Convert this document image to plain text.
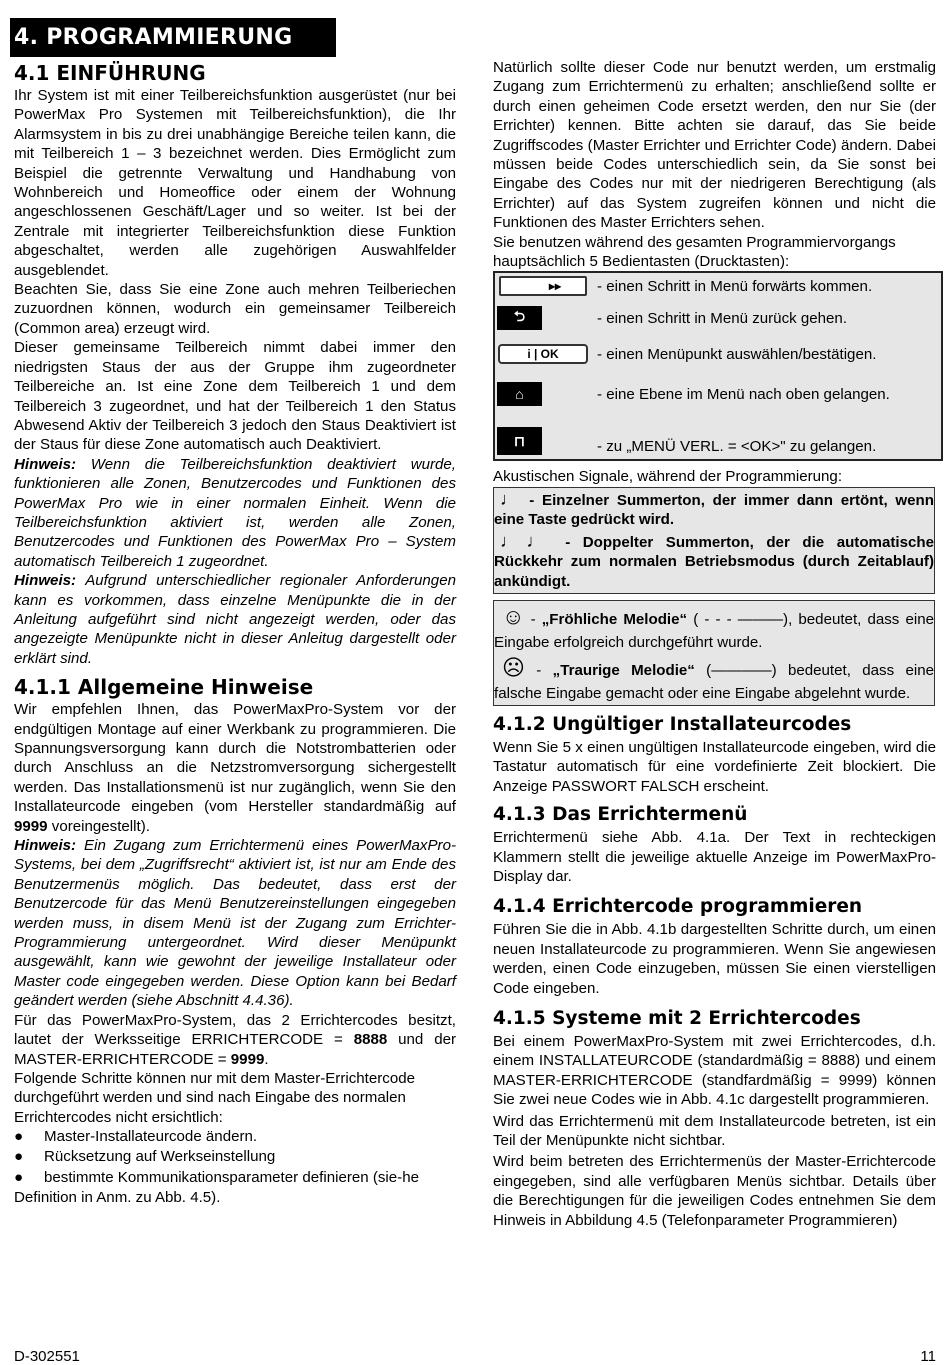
4. PROGRAMMIERUNG
4.1 EINFÜHRUNG

Ihr System ist mit einer Teilbereichsfunktion ausgerüstet (nur bei PowerMax Pro Systemen mit Teilbereichsfunktion), die Ihr Alarmsystem in bis zu drei unabhängige Bereiche teilen kann, die mit Teilbereich 1 – 3 bezeichnet werden. Dies Ermöglicht zum Beispiel die getrennte Verwaltung und Handhabung von Wohnbereich und Homeoffice oder einem der Wohnung angeschlossenen Geschäft/Lager und so weiter. Ist bei der Zentrale mit integrierter Teilbereichsfunktion diese Funktion abgeschaltet, werden alle zugehörigen Auswahlfelder ausgeblendet.

Beachten Sie, dass Sie eine Zone auch mehren Teilberiechen zuzuordnen können, wodurch ein gemeinsamer Teilbereich (Common area) erzeugt wird.

Dieser gemeinsame Teilbereich nimmt dabei immer den niedrigsten Staus der aus der Gruppe ihm zugeordneter Teilbereiche an. Ist eine Zone dem Teilbereich 1 und dem Teilbereich 3 zugeordnet, und hat der Teilbereich 1 den Status Abwesend Aktiv der Teilbereich 3 jedoch den Staus Deaktiviert ist der Staus für diese Zone automatisch auch Deaktiviert.

Hinweis: Wenn die Teilbereichsfunktion deaktiviert wurde, funktionieren alle Zonen, Benutzercodes und Funktionen des PowerMax Pro wie in einer normalen Einheit. Wenn die Teilbereichsfunktion aktiviert ist, werden alle Zonen, Benutzercodes und Funktionen des PowerMax Pro – System automatisch Teilbereich 1 zugeordnet.

Hinweis: Aufgrund unterschiedlicher regionaler Anforderungen kann es vorkommen, dass einzelne Menüpunkte die in der Anleitung aufgeführt sind nicht angezeigt werden, oder das angezeigte Menüpunkte nicht in dieser Anleitug dargestellt oder erklärt sind.

4.1.1 Allgemeine Hinweise

Wir empfehlen Ihnen, das PowerMaxPro-System vor der endgültigen Montage auf einer Werkbank zu programmieren. Die Spannungsversorgung kann durch die Notstrombatterien oder durch Anschluss an die Netzstromversorgung sichergestellt werden. Das Installationsmenü ist nur zugänglich, wenn Sie den Installateurcode eingeben (vom Hersteller standardmäßig auf 9999 voreingestellt).

Hinweis: Ein Zugang zum Errichtermenü eines PowerMaxPro-Systems, bei dem „Zugriffsrecht“ aktiviert ist, ist nur am Ende des Benutzermenüs möglich. Das bedeutet, dass erst der Benutzercode für das Menü Benutzereinstellungen eingegeben werden muss, in disem Menü ist der Zugang zum Errichter-Programmierung untergeordnet. Wird dieser Menüpunkt ausgewählt, kann wie gewohnt der jeweilige Installateur oder Master code eingegeben werden. Diese Option kann bei Bedarf geändert werden (siehe Abschnitt 4.4.36).

Für das PowerMaxPro-System, das 2 Errichtercodes besitzt, lautet der Werksseitige ERRICHTERCODE = 8888 und der MASTER-ERRICHTERCODE = 9999.

Folgende Schritte können nur mit dem Master-Errichtercode durchgeführt werden und sind nach Eingabe des normalen Errichtercodes nicht ersichtlich:

● Master-Installateurcode ändern.
● Rücksetzung auf Werkseinstellung
● bestimmte Kommunikationsparameter definieren (sie-he Definition in Anm. zu Abb. 4.5).

Natürlich sollte dieser Code nur benutzt werden, um erstmalig Zugang zum Errichtermenü zu erhalten; anschließend sollte er durch einen geheimen Code ersetzt werden, den nur Sie (der Errichter) kennen. Bitte achten sie darauf, das Sie beide Zugriffscodes (Master Errichter und Errichter Code) ändern. Dabei müssen beide Codes unterschiedlich sein, da Sie sonst bei Eingabe des Codes nur mit der niedrigeren Berechtigung (als Errichter) auf das System zugreifen können und nicht die Funktionen des Master Errichters sehen.

Sie benutzen während des gesamten Programmiervorgangs hauptsächlich 5 Bedientasten (Drucktasten):

▸▸	- einen Schritt in Menü forwärts kommen.
⮌	- einen Schritt in Menü zurück gehen.
i | OK	- einen Menüpunkt auswählen/bestätigen.
⌂	- eine Ebene im Menü nach oben gelangen.
⊓	- zu „MENÜ VERL. = <OK>" zu gelangen.

Akustischen Signale, während der Programmierung:

♩ - Einzelner Summerton, der immer dann ertönt, wenn eine Taste gedrückt wird.

♩♩ - Doppelter Summerton, der die automatische Rückkehr zum normalen Betriebsmodus (durch Zeitablauf) ankündigt.

☺ - „Fröhliche Melodie“ ( - - - ———), bedeutet, dass eine Eingabe erfolgreich durchgeführt wurde.

☹ - „Traurige Melodie“ (————) bedeutet, dass eine falsche Eingabe gemacht oder eine Eingabe abgelehnt wurde.

4.1.2 Ungültiger Installateurcodes

Wenn Sie 5 x einen ungültigen Installateurcode eingeben, wird die Tastatur automatisch für eine vordefinierte Zeit blockiert. Die Anzeige PASSWORT FALSCH erscheint.

4.1.3 Das Errichtermenü

Errichtermenü siehe Abb. 4.1a. Der Text in rechteckigen Klammern stellt die jeweilige aktuelle Anzeige im PowerMaxPro-Display dar.

4.1.4 Errichtercode programmieren

Führen Sie die in Abb. 4.1b dargestellten Schritte durch, um einen neuen Installateurcode zu programmieren. Wenn Sie angewiesen werden, einen Code einzugeben, müssen Sie einen vierstelligen Code eingeben.

4.1.5 Systeme mit 2 Errichtercodes

Bei einem PowerMaxPro-System mit zwei Errichtercodes, d.h. einem INSTALLATEURCODE (standardmäßig = 8888) und einem MASTER-ERRICHTERCODE (standfardmäßig = 9999) können Sie zwei neue Codes wie in Abb. 4.1c dargestellt programmieren.

Wird das Errichtermenü mit dem Installateurcode betreten, ist ein Teil der Menüpunkte nicht sichtbar.

Wird beim betreten des Errichtermenüs der Master-Errichtercode eingegeben, sind alle verfügbaren Menüs sichtbar. Details über die Berechtigungen für die jeweiligen Codes entnehmen Sie dem Hinweis in Abbildung 4.5 (Telefonparameter Programmieren)

D-302551	11
